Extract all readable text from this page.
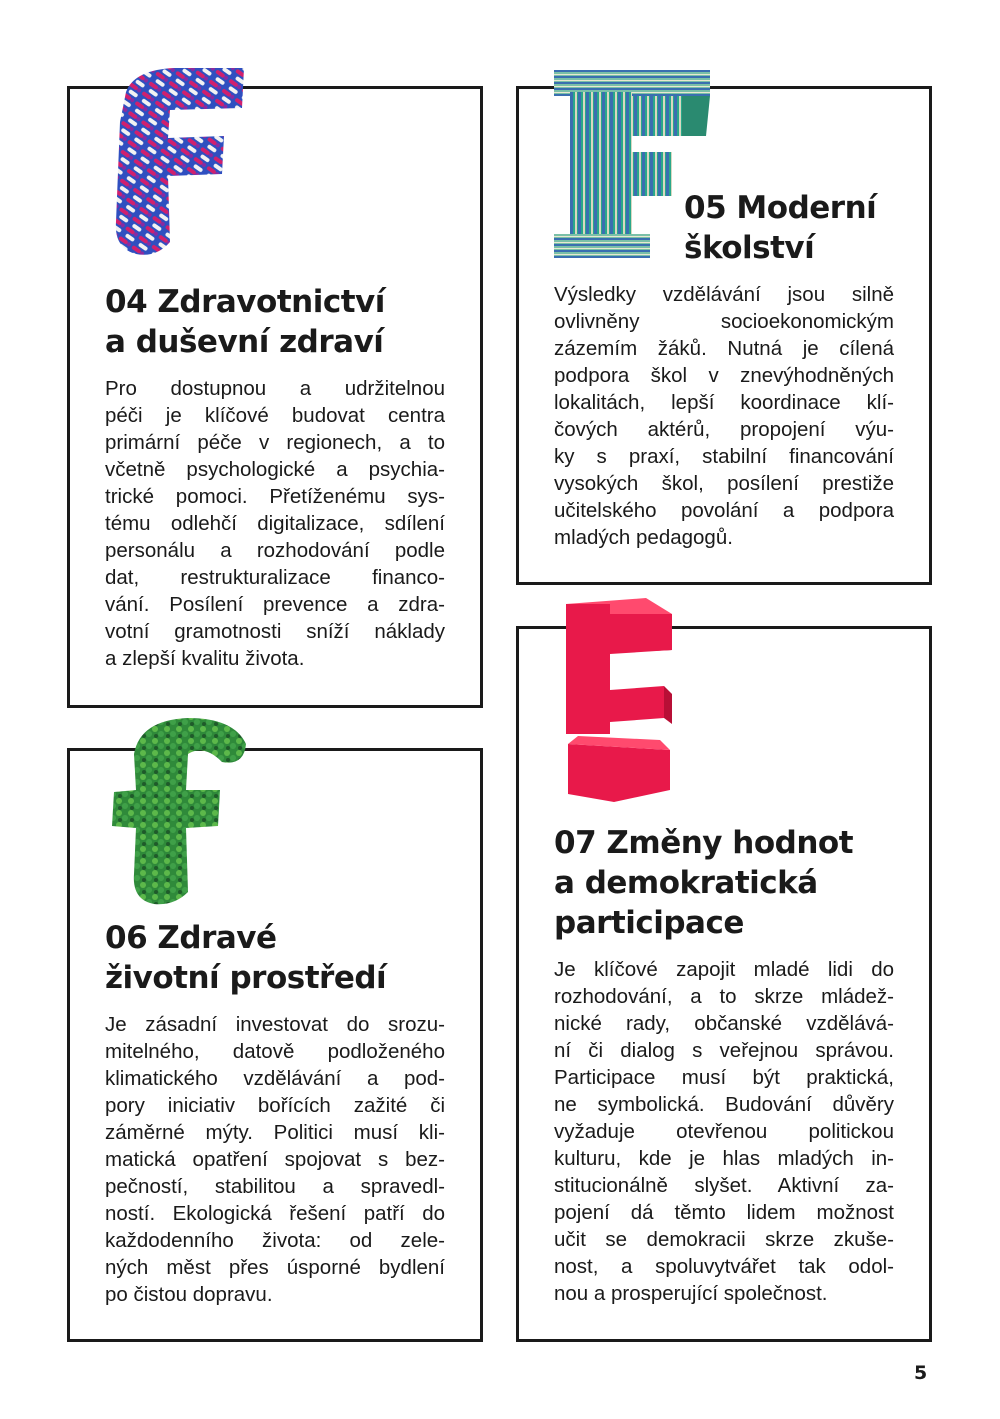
04 Zdravotnictví
a duševní zdraví

Pro dostupnou a udržitelnou
péči je klíčové budovat centra
primární péče v regionech, a to
včetně psychologické a psychia-
trické pomoci. Přetíženému sys-
tému odlehčí digitalizace, sdílení
personálu a rozhodování podle
dat, restrukturalizace financo-
vání. Posílení prevence a zdra-
votní gramotnosti sníží náklady
a zlepší kvalitu života.

05 Moderní
školství

Výsledky vzdělávání jsou silně
ovlivněny socioekonomickým
zázemím žáků. Nutná je cílená
podpora škol v znevýhodněných
lokalitách, lepší koordinace klí-
čových aktérů, propojení výu-
ky s praxí, stabilní financování
vysokých škol, posílení prestiže
učitelského povolání a podpora
mladých pedagogů.

06 Zdravé
životní prostředí

Je zásadní investovat do srozu-
mitelného, datově podloženého
klimatického vzdělávání a pod-
pory iniciativ bořících zažité či
záměrné mýty. Politici musí kli-
matická opatření spojovat s bez-
pečností, stabilitou a spravedl-
ností. Ekologická řešení patří do
každodenního života: od zele-
ných měst přes úsporné bydlení
po čistou dopravu.

07 Změny hodnot
a demokratická
participace

Je klíčové zapojit mladé lidi do
rozhodování, a to skrze mládež-
nické rady, občanské vzdělává-
ní či dialog s veřejnou správou.
Participace musí být praktická,
ne symbolická. Budování důvěry
vyžaduje otevřenou politickou
kulturu, kde je hlas mladých in-
stitucionálně slyšet. Aktivní za-
pojení dá těmto lidem možnost
učit se demokracii skrze zkuše-
nost, a spoluvytvářet tak odol-
nou a prosperující společnost.

5
